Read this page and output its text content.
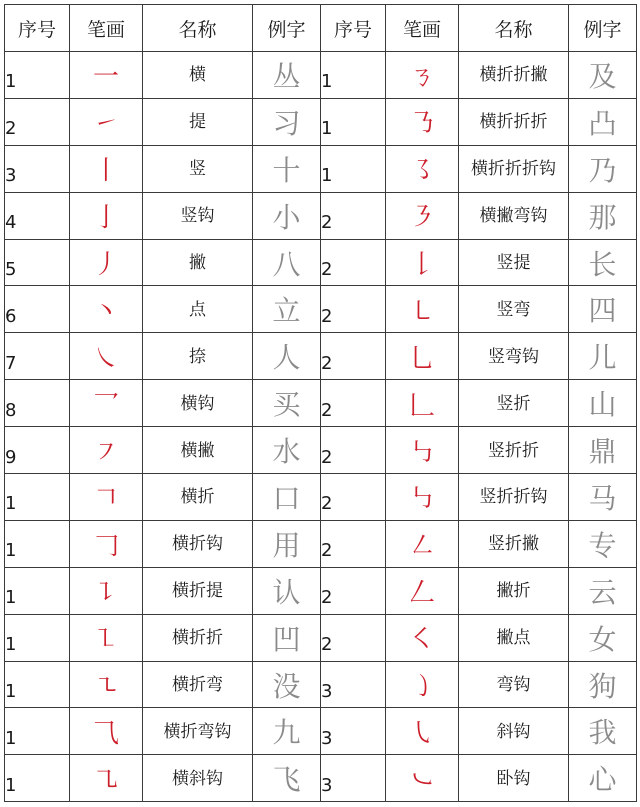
序号	笔画	名称	例字	序号	笔画	名称	例字
1	一	横	丛	1	ㄋ	横折折撇	及
2	㇀	提	习	1	㇡	横折折折	凸
3	丨	竖	十	1	㇌	横折折折钩	乃
4	亅	竖钩	小	2	㇋	横撇弯钩	那
5	丿	撇	八	2	𠄌	竖提	长
6	丶	点	立	2	㇄	竖弯	四
7	㇏	捺	人	2	乚	竖弯钩	儿
8	乛	横钩	买	2	𠃊	竖折	山
9	㇇	横撇	水	2	㇉	竖折折	鼎
1	𠃍	横折	口	2	㇉	竖折折钩	马
1	𠃌	横折钩	用	2	㇜	竖折撇	专
1	㇊	横折提	认	2	𠃋	撇折	云
1	㇅	横折折	凹	2	㇛	撇点	女
1	㇍	横折弯	没	3	㇁	弯钩	狗
1	⺄	横折弯钩	九	3	㇂	斜钩	我
1	㇈	横斜钩	飞	3	㇃	卧钩	心
